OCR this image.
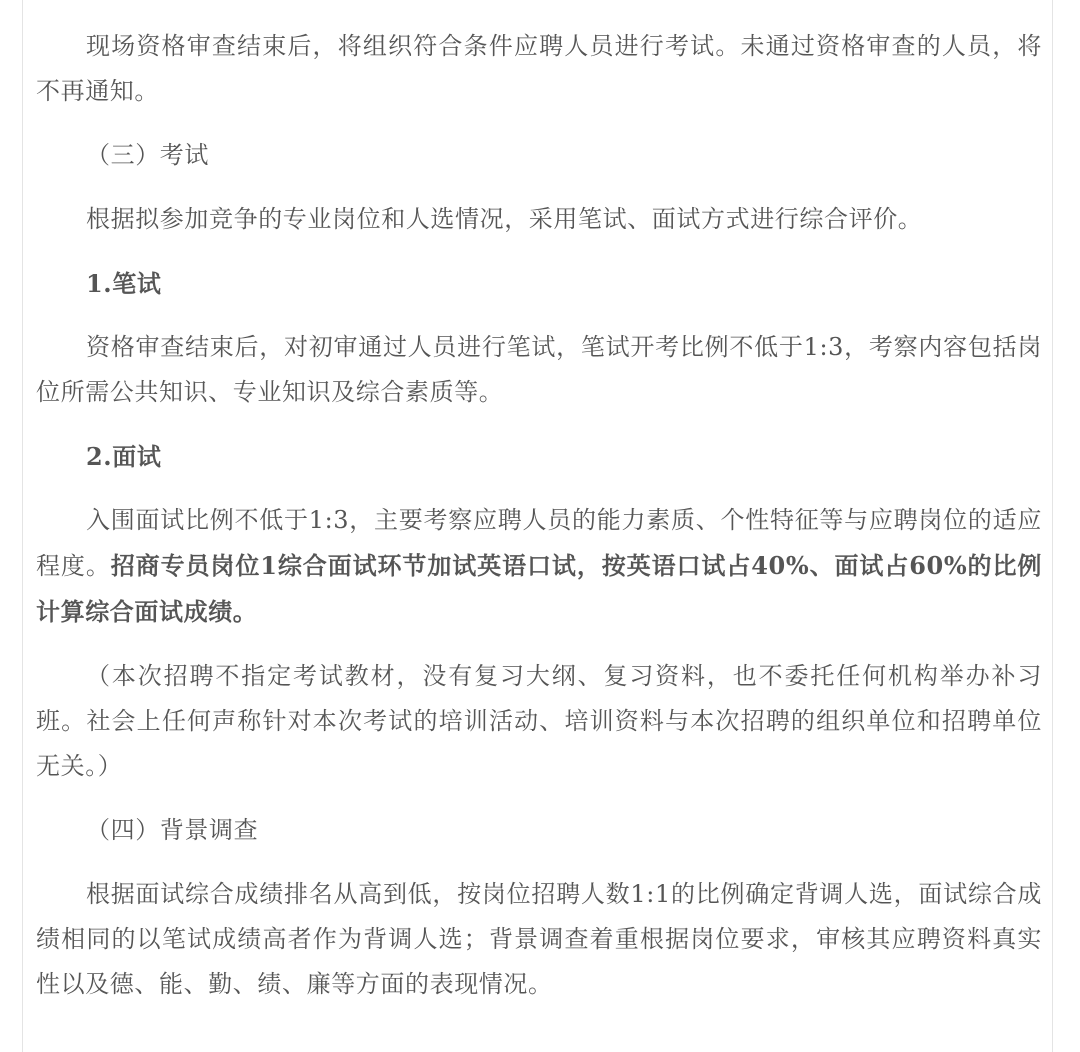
现场资格审查结束后，将组织符合条件应聘人员进行考试。未通过资格审查的人员，将不再通知。

（三）考试

根据拟参加竞争的专业岗位和人选情况，采用笔试、面试方式进行综合评价。

1.笔试

资格审查结束后，对初审通过人员进行笔试，笔试开考比例不低于1:3，考察内容包括岗位所需公共知识、专业知识及综合素质等。

2.面试

入围面试比例不低于1:3，主要考察应聘人员的能力素质、个性特征等与应聘岗位的适应程度。招商专员岗位1综合面试环节加试英语口试，按英语口试占40%、面试占60%的比例计算综合面试成绩。

（本次招聘不指定考试教材，没有复习大纲、复习资料，也不委托任何机构举办补习班。社会上任何声称针对本次考试的培训活动、培训资料与本次招聘的组织单位和招聘单位无关。）

（四）背景调查

根据面试综合成绩排名从高到低，按岗位招聘人数1:1的比例确定背调人选，面试综合成绩相同的以笔试成绩高者作为背调人选；背景调查着重根据岗位要求，审核其应聘资料真实性以及德、能、勤、绩、廉等方面的表现情况。
